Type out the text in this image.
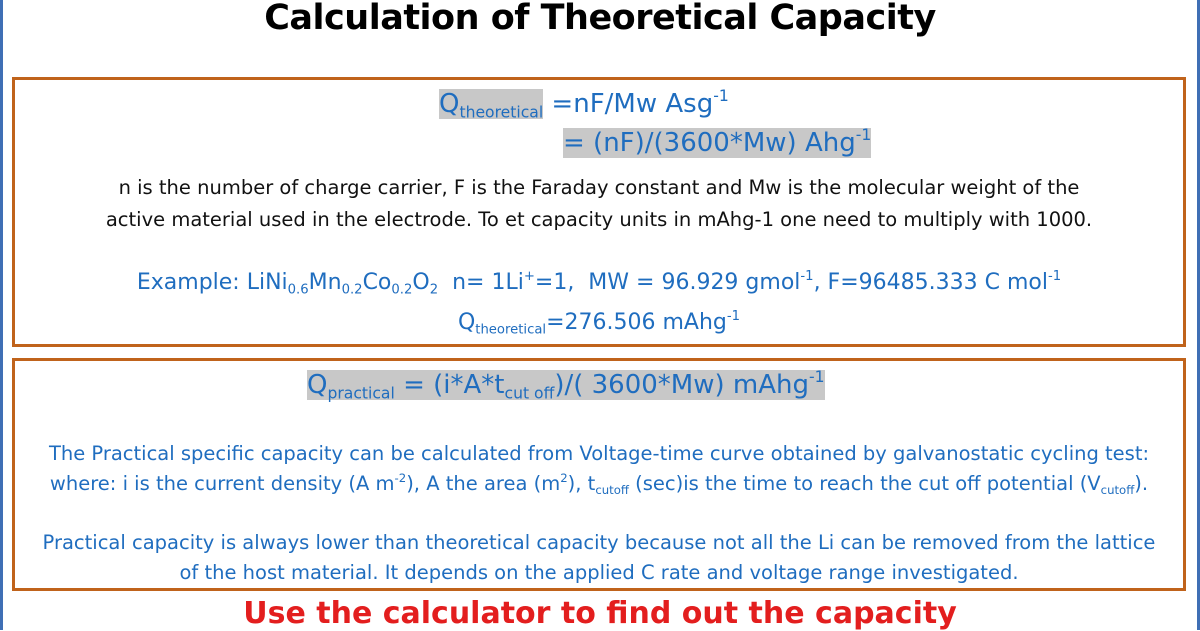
Calculation of Theoretical Capacity
$Q_{theoretical} =nF/Mw$ Asg$^{-1}$
= (nF)/(3600*Mw) Ahg$^{-1}$
n is the number of charge carrier, F is the Faraday constant and Mw is the molecular weight of the
active material used in the electrode. To et capacity units in mAhg-1 one need to multiply with 1000.
Example: $LiNi_{0.6}Mn_{0.2}Co_{0.2}O_2$  n= 1Li+=1,  MW = 96.929 gmol$^{-1}$, F=96485.333 C mol$^{-1}$
$Q_{theoretical}=276.506$ mAhg$^{-1}$
$Q_{practical} = (i*A*t_{cut off})/$( 3600*Mw) mAhg$^{-1}$
The Practical specific capacity can be calculated from Voltage-time curve obtained by galvanostatic cycling test:
where: i is the current density (A $m^{-2}$), A the area $(m^2)$, $t_{cutoff}$ (sec)is the time to reach the cut off potential $(V_{cutoff})$.
Practical capacity is always lower than theoretical capacity because not all the Li can be removed from the lattice
of the host material. It depends on the applied C rate and voltage range investigated.
Use the calculator to find out the capacity
